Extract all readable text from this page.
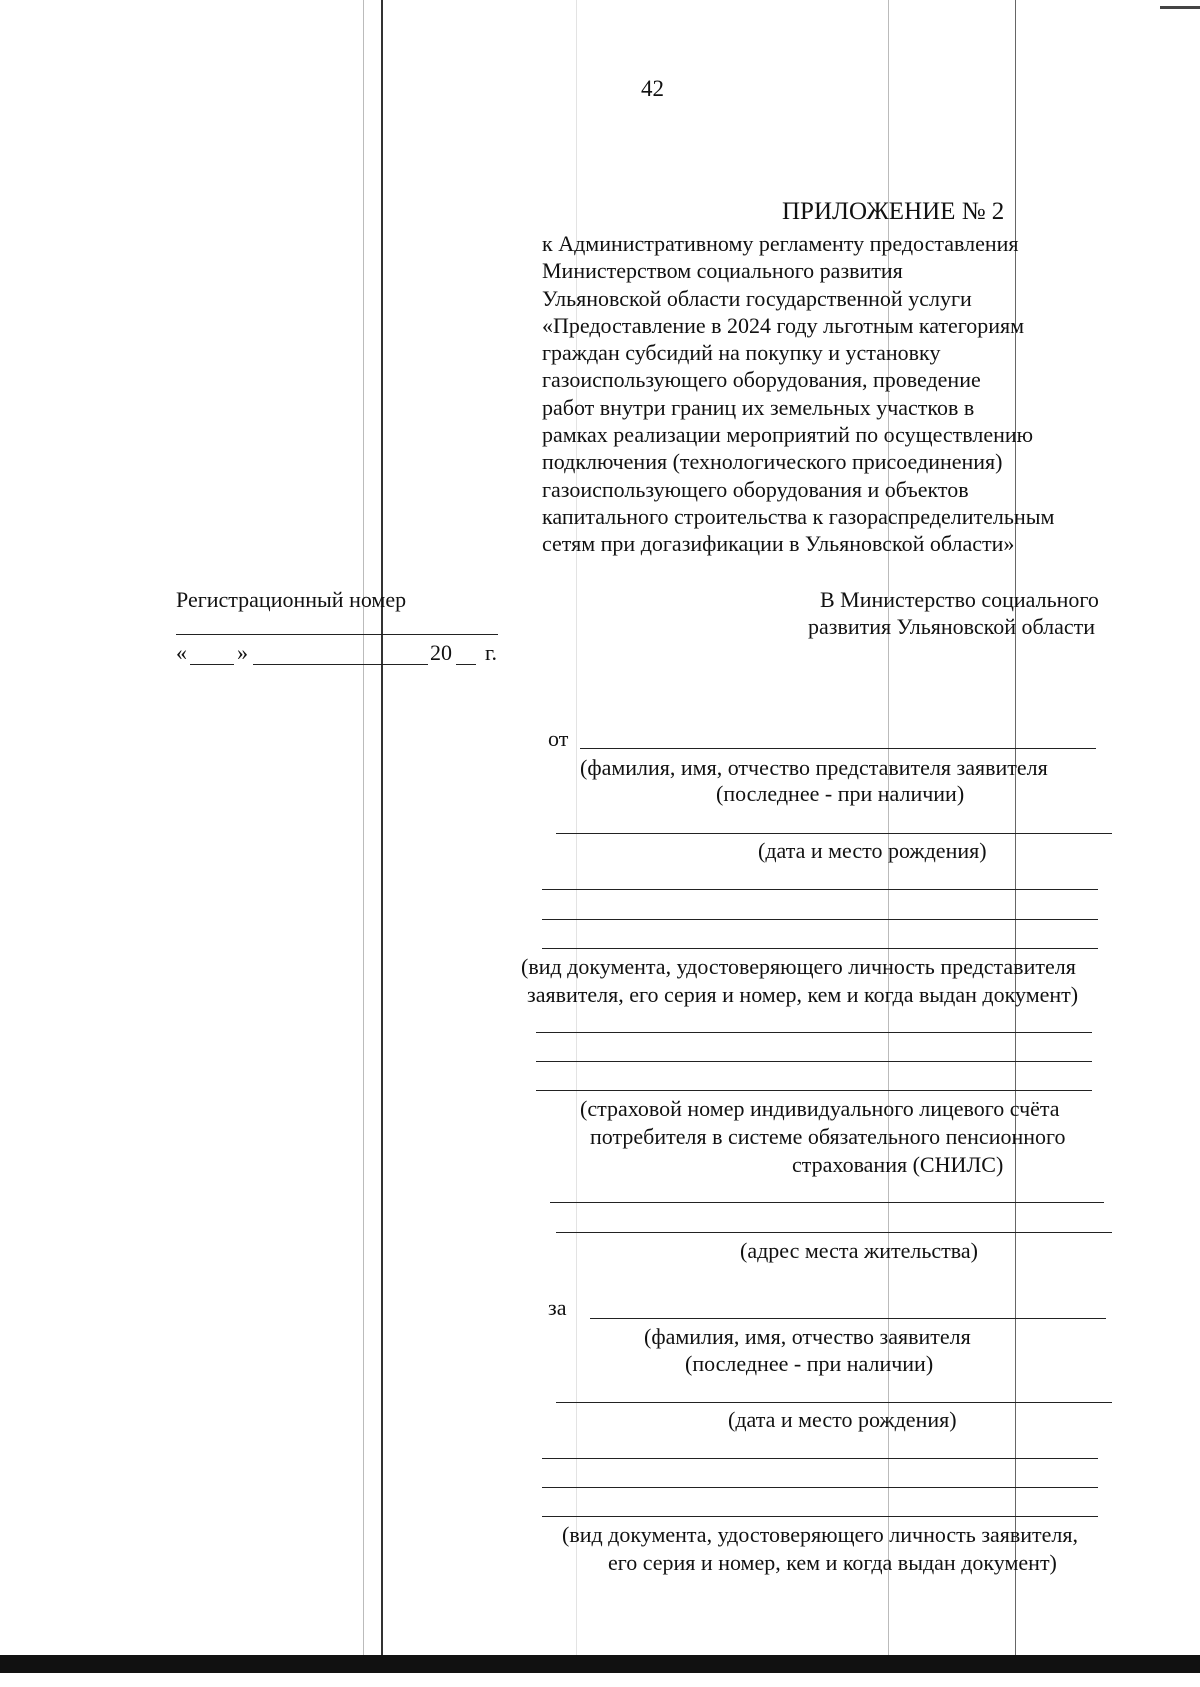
42
ПРИЛОЖЕНИЕ № 2
к Административному регламенту предоставления
Министерством социального развития
Ульяновской области государственной услуги
«Предоставление в 2024 году льготным категориям
граждан субсидий на покупку и установку
газоиспользующего оборудования, проведение
работ внутри границ их земельных участков в
рамках реализации мероприятий по осуществлению
подключения (технологического присоединения)
газоиспользующего оборудования и объектов
капитального строительства к газораспределительным
сетям при догазификации в Ульяновской области»
Регистрационный номер
« »	20 г.
В Министерство социального
развития Ульяновской области
от
(фамилия, имя, отчество представителя заявителя
(последнее - при наличии)
(дата и место рождения)
(вид документа, удостоверяющего личность представителя
заявителя, его серия и номер, кем и когда выдан документ)
(страховой номер индивидуального лицевого счёта
потребителя в системе обязательного пенсионного
страхования (СНИЛС)
(адрес места жительства)
за
(фамилия, имя, отчество заявителя
(последнее - при наличии)
(дата и место рождения)
(вид документа, удостоверяющего личность заявителя,
его серия и номер, кем и когда выдан документ)
